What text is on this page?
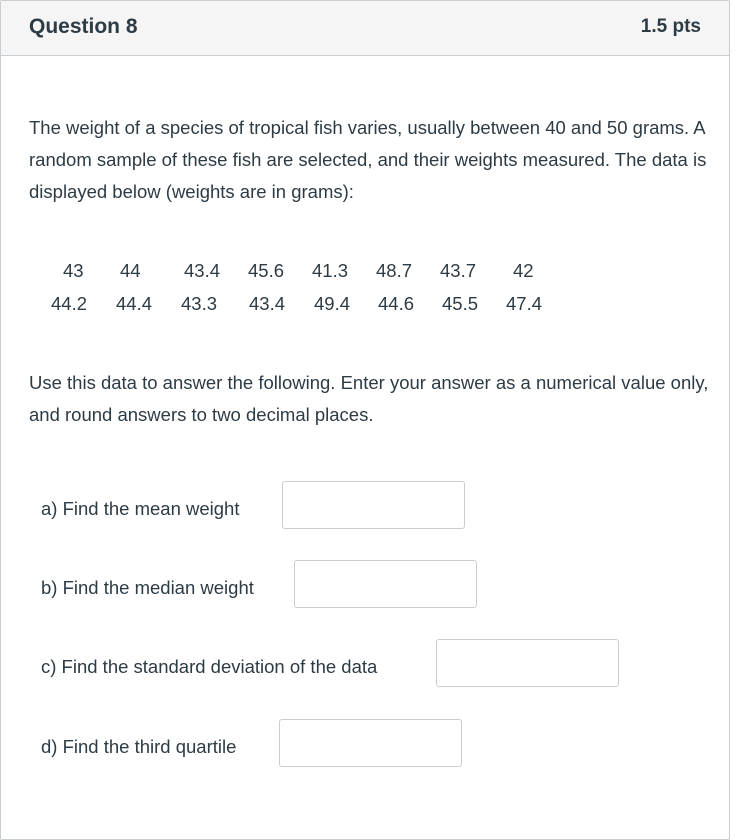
Question 8	1.5 pts

The weight of a species of tropical fish varies, usually between 40 and 50 grams. A random sample of these fish are selected, and their weights measured. The data is displayed below (weights are in grams):

43 44 43.4 45.6 41.3 48.7 43.7 42
44.2 44.4 43.3 43.4 49.4 44.6 45.5 47.4

Use this data to answer the following. Enter your answer as a numerical value only, and round answers to two decimal places.

a) Find the mean weight
b) Find the median weight
c) Find the standard deviation of the data
d) Find the third quartile
